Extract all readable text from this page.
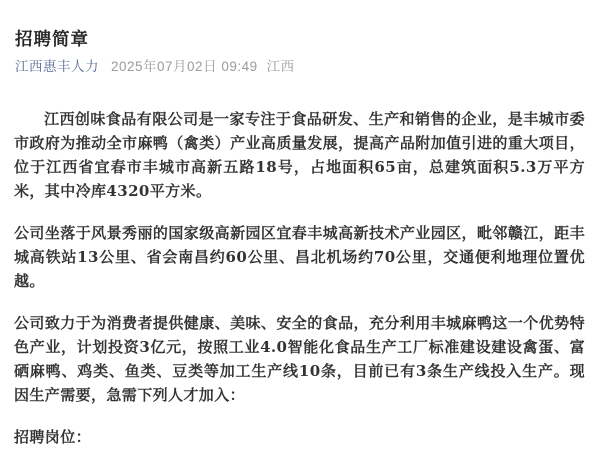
招聘简章
江西惠丰人力 2025年07月02日 09:49 江西

江西创味食品有限公司是一家专注于食品研发、生产和销售的企业，是丰城市委市政府为推动全市麻鸭（禽类）产业高质量发展，提高产品附加值引进的重大项目，位于江西省宜春市丰城市高新五路18号，占地面积65亩，总建筑面积5.3万平方米，其中冷库4320平方米。

公司坐落于风景秀丽的国家级高新园区宜春丰城高新技术产业园区，毗邻赣江，距丰城高铁站13公里、省会南昌约60公里、昌北机场约70公里，交通便利地理位置优越。

公司致力于为消费者提供健康、美味、安全的食品，充分利用丰城麻鸭这一个优势特色产业，计划投资3亿元，按照工业4.0智能化食品生产工厂标准建设建设禽蛋、富硒麻鸭、鸡类、鱼类、豆类等加工生产线10条，目前已有3条生产线投入生产。现因生产需要，急需下列人才加入：

招聘岗位：
